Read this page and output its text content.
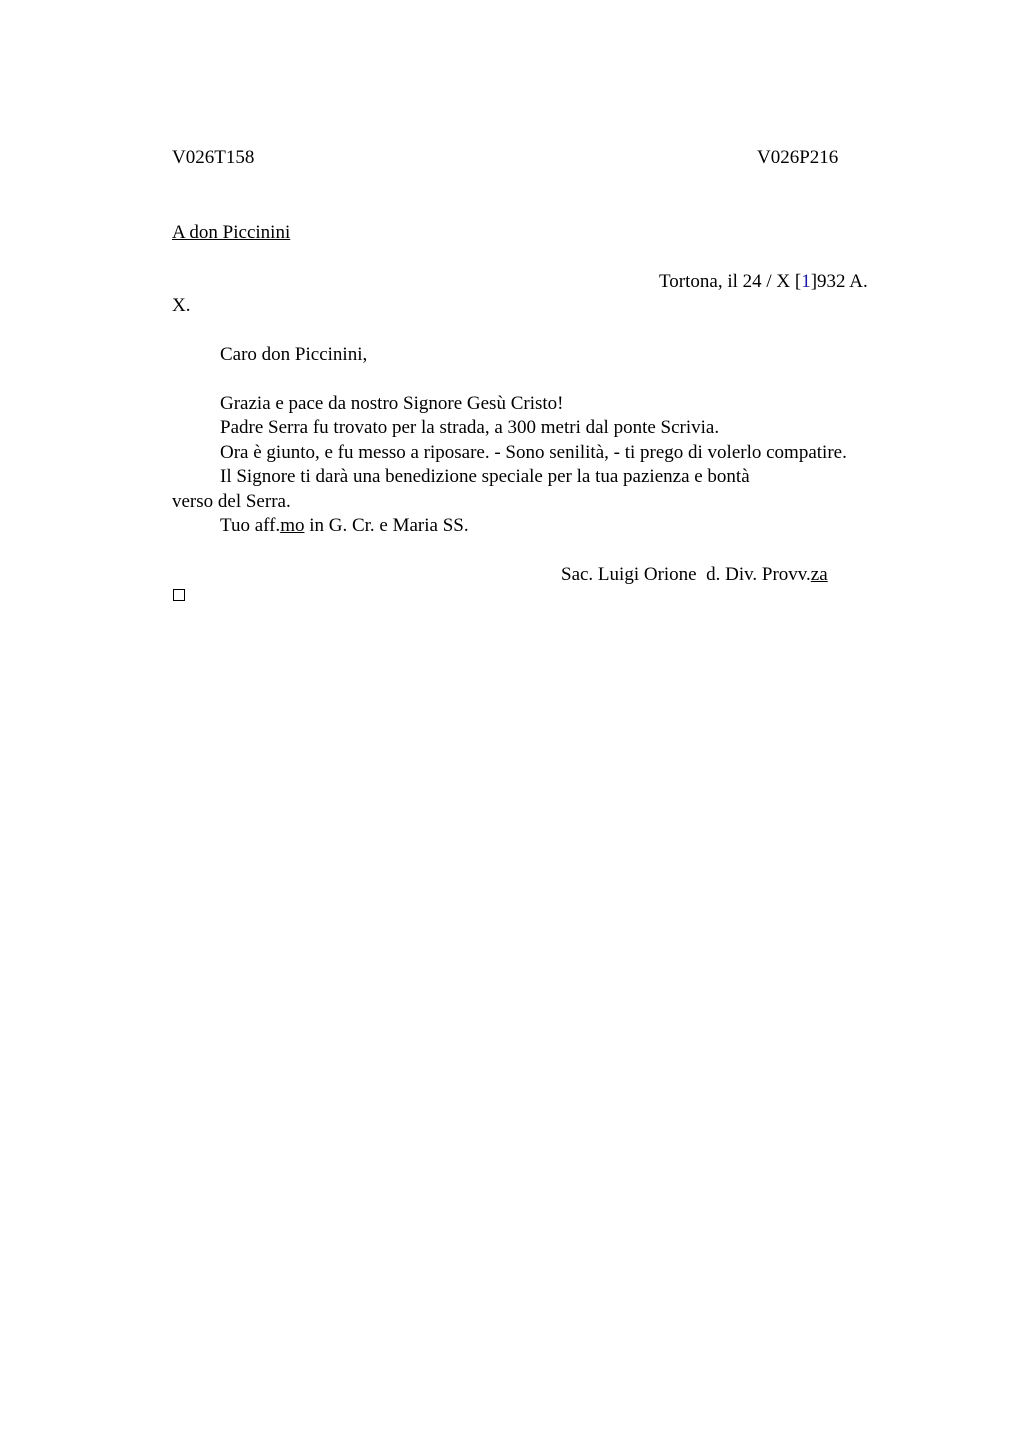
V026T158	V026P216
A don Piccinini
Tortona, il 24 / X [1]932 A.
X.
Caro don Piccinini,
Grazia e pace da nostro Signore Gesù Cristo!
Padre Serra fu trovato per la strada, a 300 metri dal ponte Scrivia.
Ora è giunto, e fu messo a riposare. - Sono senilità, - ti prego di volerlo compatire.
Il Signore ti darà una benedizione speciale per la tua pazienza e bontà
verso del Serra.
Tuo aff.mo in G. Cr. e Maria SS.
Sac. Luigi Orione  d. Div. Provv.za
